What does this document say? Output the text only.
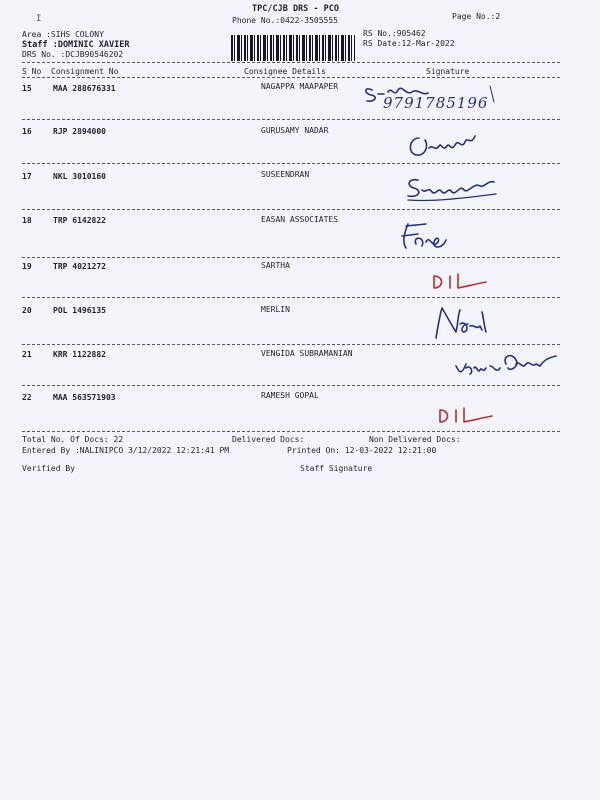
I
TPC/CJB DRS - PCO
Phone No.:0422-3505555	Page No.:2
RS No.:905462
RS Date:12-Mar-2022
Area :SIHS COLONY
Staff :DOMINIC XAVIER
DRS No. :DCJB90546202
S No Consignment No	Consignee Details	Signature
15	MAA 288676331	NAGAPPA MAAPAPER
9791785196
16	RJP 2894000	GURUSAMY NADAR
17	NKL 3010160	SUSEENDRAN
18	TRP 6142822	EASAN ASSOCIATES
19	TRP 4021272	SARTHA
20	POL 1496135	MERLIN
21	KRR 1122882	VENGIDA SUBRAMANIAN
22	MAA 563571903	RAMESH GOPAL
Total No. Of Docs: 22	Delivered Docs:	Non Delivered Docs:
Entered By :NALINIPCO 3/12/2022 12:21:41 PM	Printed On: 12-03-2022 12:21:00
Verified By	Staff Signature
